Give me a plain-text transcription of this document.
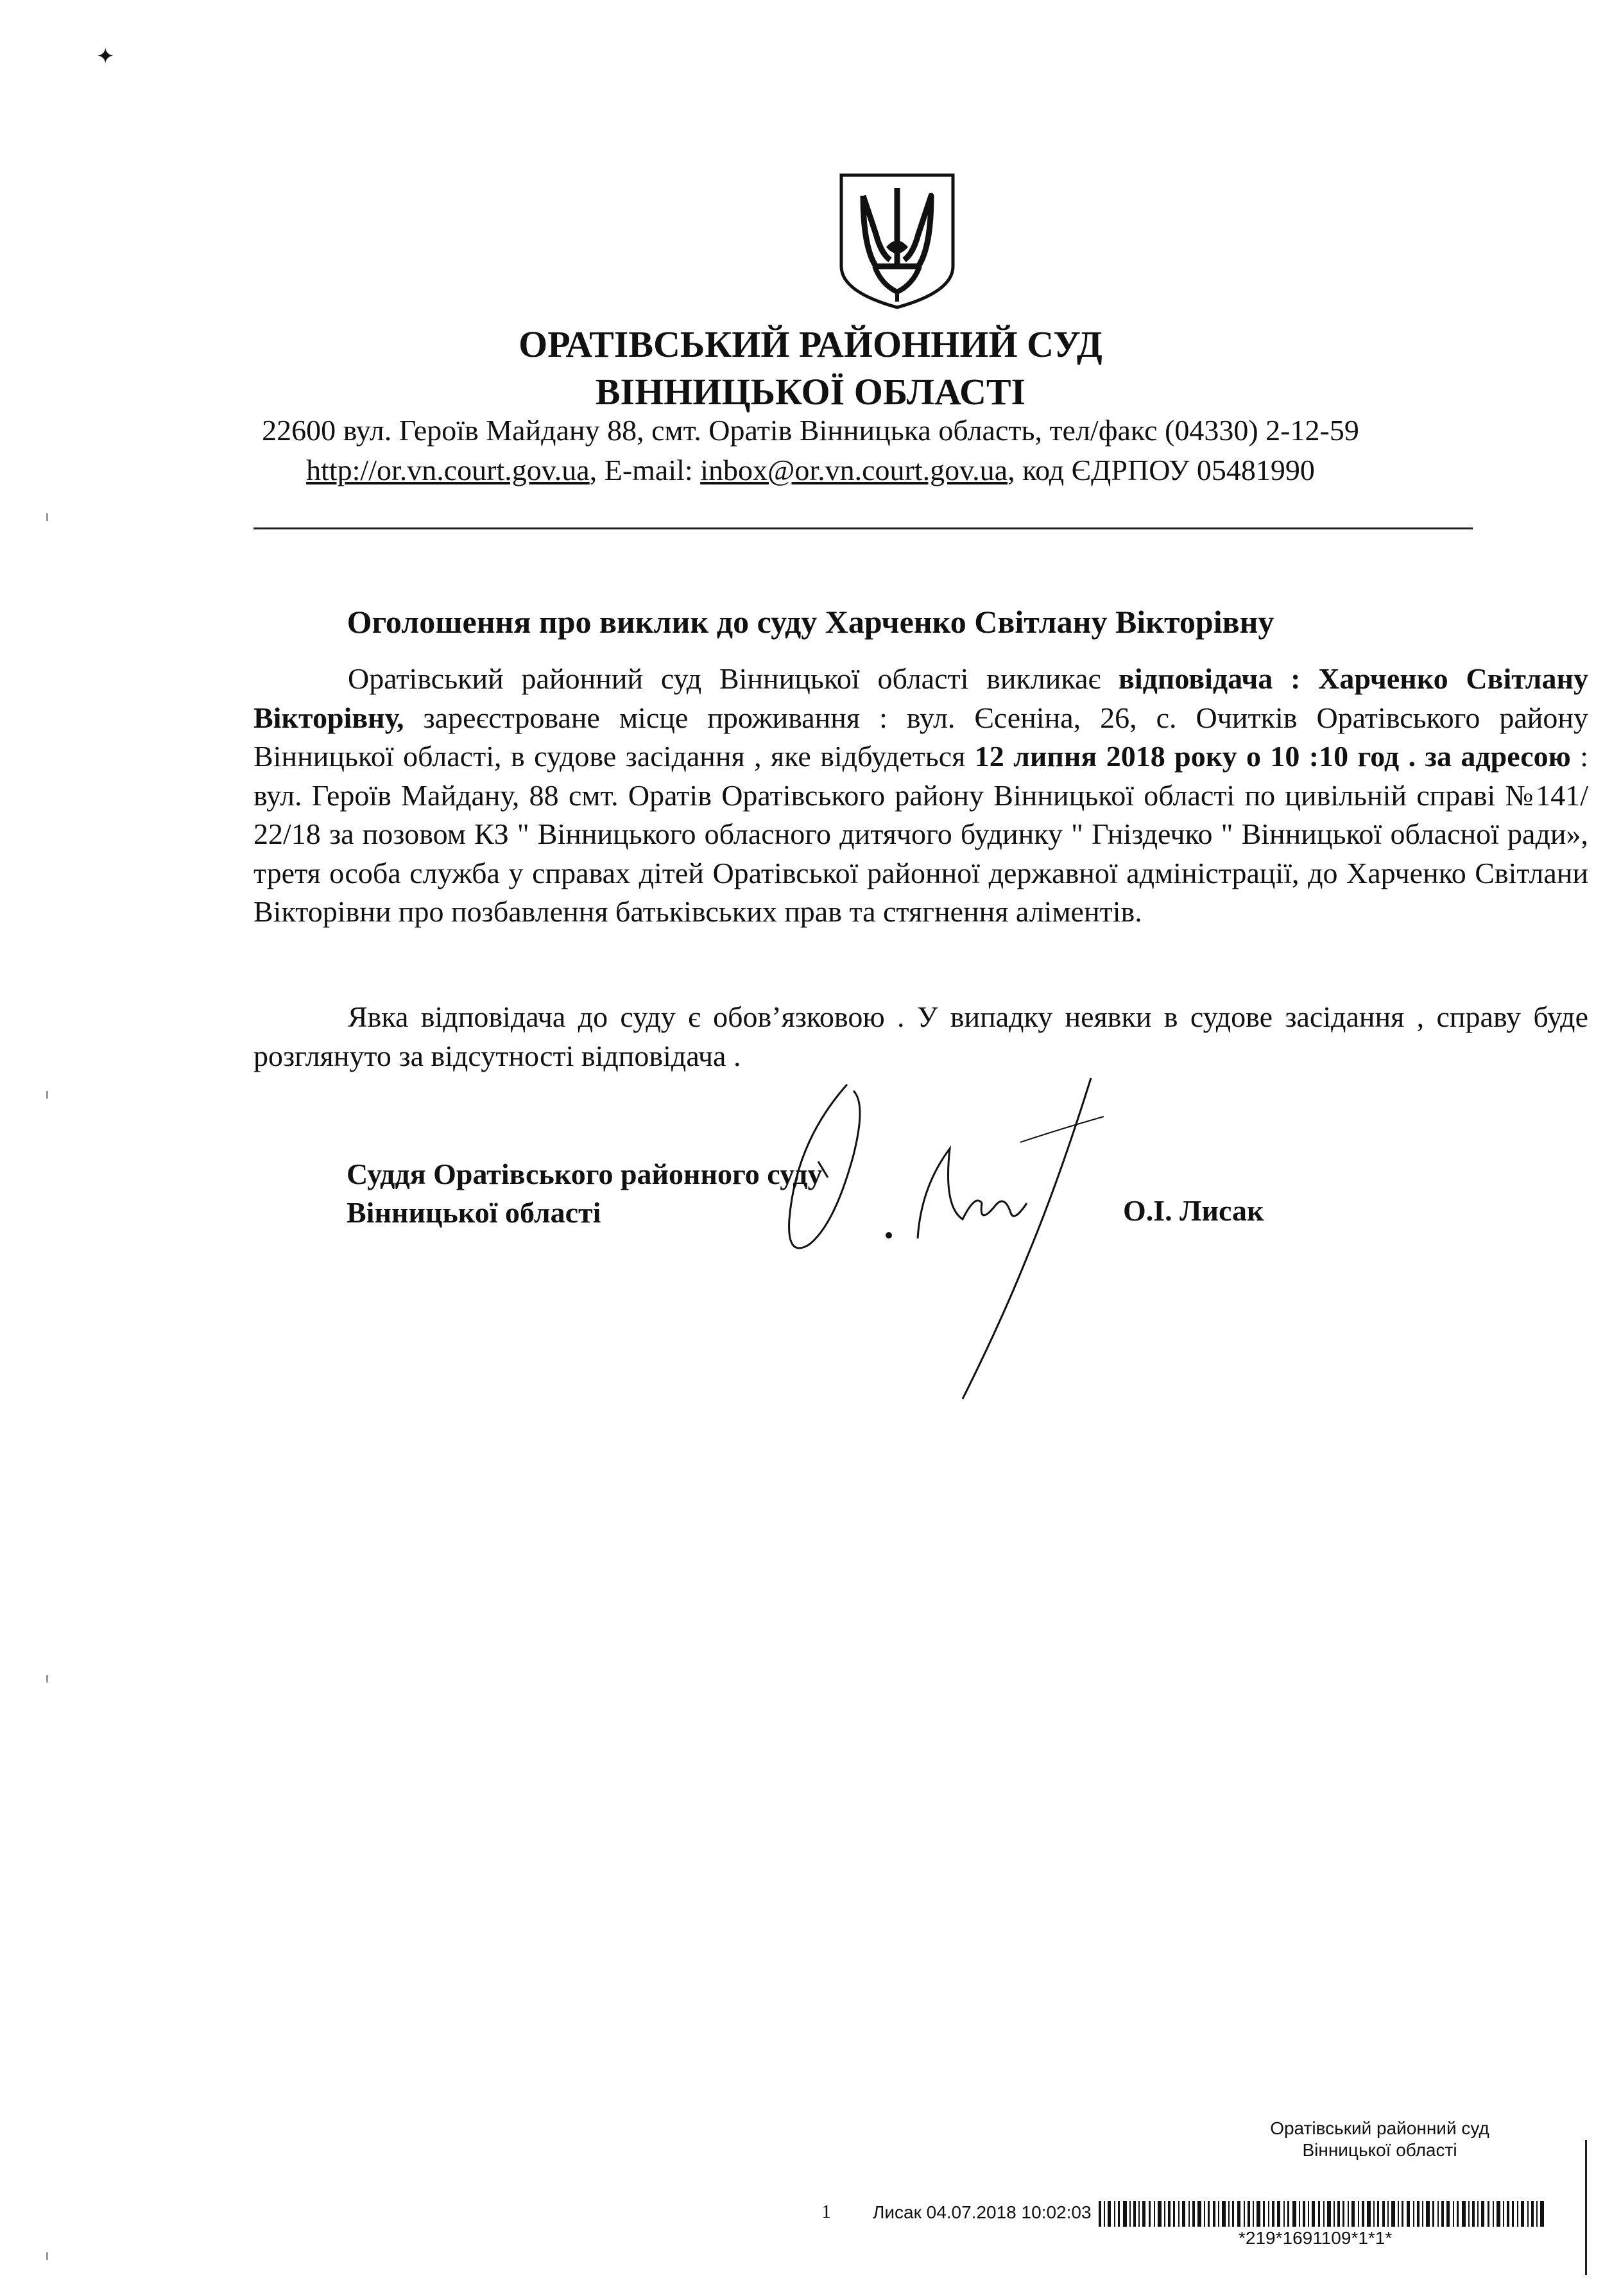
✦
ОРАТІВСЬКИЙ РАЙОННИЙ СУД
ВІННИЦЬКОЇ ОБЛАСТІ
22600 вул. Героїв Майдану 88, смт. Оратів Вінницька область, тел/факс (04330) 2-12-59
http://or.vn.court.gov.ua, E-mail: inbox@or.vn.court.gov.ua, код ЄДРПОУ 05481990
Оголошення про виклик до суду Харченко Світлану Вікторівну
Оратівський районний суд Вінницької області викликає відповідача : Харченко Світлану Вікторівну, зареєстроване місце проживання : вул. Єсеніна, 26, с. Очитків Оратівського району Вінницької області, в судове засідання , яке відбудеться 12 липня 2018 року о 10 :10 год . за адресою : вул. Героїв Майдану, 88 смт. Оратів Оратівського району Вінницької області по цивільній справі №141/ 22/18 за позовом КЗ " Вінницького обласного дитячого будинку " Гніздечко " Вінницької обласної ради», третя особа служба у справах дітей Оратівської районної державної адміністрації, до Харченко Світлани Вікторівни про позбавлення батьківських прав та стягнення аліментів.
Явка відповідача до суду є обов’язковою . У випадку неявки в судове засідання , справу буде розглянуто за відсутності відповідача .
Суддя Оратівського районного суду
Вінницької області	О.І. Лисак
Оратівський районний суд
Вінницької області
1 Лисак 04.07.2018 10:02:03
*219*1691109*1*1*
